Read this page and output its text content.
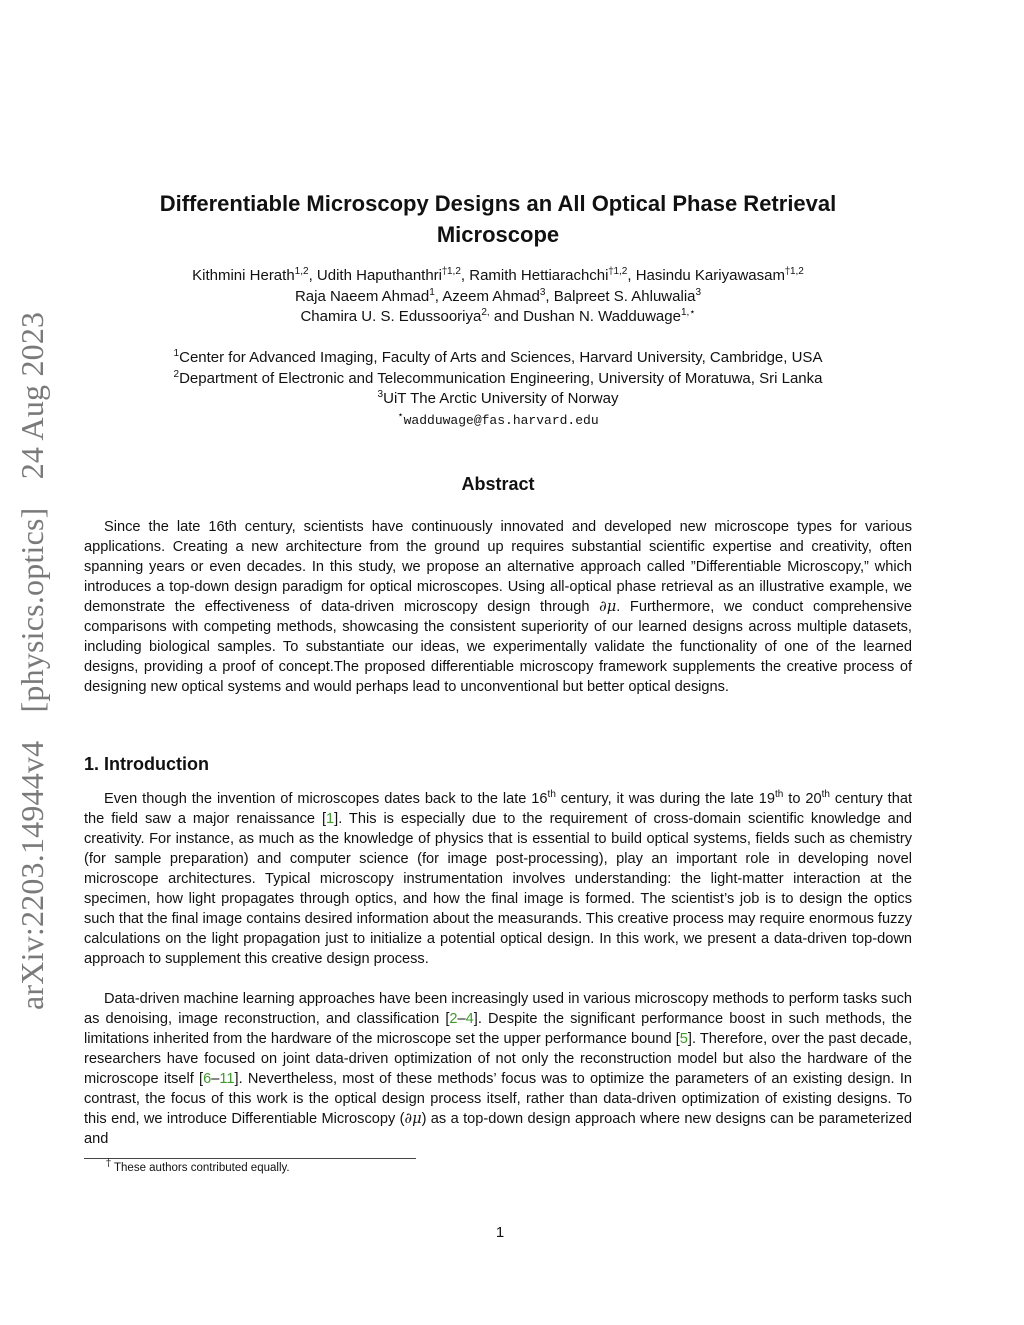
arXiv:2203.14944v4 [physics.optics] 24 Aug 2023
Differentiable Microscopy Designs an All Optical Phase Retrieval
Microscope
Kithmini Herath$^{1,2}$, Udith Haputhanthri$^{\dagger 1,2}$, Ramith Hettiarachchi$^{\dagger 1,2}$, Hasindu Kariyawasam$^{\dagger 1,2}$
Raja Naeem Ahmad$^1$, Azeem Ahmad$^3$, Balpreet S. Ahluwalia$^3$
Chamira U. S. Edussooriya$^{2,}$ and Dushan N. Wadduwage$^{1,⋆}$
$^1$Center for Advanced Imaging, Faculty of Arts and Sciences, Harvard University, Cambridge, USA
$^2$Department of Electronic and Telecommunication Engineering, University of Moratuwa, Sri Lanka
$^3$UiT The Arctic University of Norway
⋆wadduwage@fas.harvard.edu
Abstract
Since the late 16th century, scientists have continuously innovated and developed new microscope types for various applications. Creating a new architecture from the ground up requires substantial scientific expertise and creativity, often spanning years or even decades. In this study, we propose an alternative approach called ”Differentiable Microscopy,” which introduces a top-down design paradigm for optical microscopes. Using all-optical phase retrieval as an illustrative example, we demonstrate the effectiveness of data-driven microscopy design through ∂μ. Furthermore, we conduct comprehensive comparisons with competing methods, showcasing the consistent superiority of our learned designs across multiple datasets, including biological samples. To substantiate our ideas, we experimentally validate the functionality of one of the learned designs, providing a proof of concept.The proposed differentiable microscopy framework supplements the creative process of designing new optical systems and would perhaps lead to unconventional but better optical designs.
1. Introduction
Even though the invention of microscopes dates back to the late 16th century, it was during the late 19th to 20th century that the field saw a major renaissance [1]. This is especially due to the requirement of cross-domain scientific knowledge and creativity. For instance, as much as the knowledge of physics that is essential to build optical systems, fields such as chemistry (for sample preparation) and computer science (for image post-processing), play an important role in developing novel microscope architectures. Typical microscopy instrumentation involves understanding: the light-matter interaction at the specimen, how light propagates through optics, and how the final image is formed. The scientist’s job is to design the optics such that the final image contains desired information about the measurands. This creative process may require enormous fuzzy calculations on the light propagation just to initialize a potential optical design. In this work, we present a data-driven top-down approach to supplement this creative design process.
Data-driven machine learning approaches have been increasingly used in various microscopy methods to perform tasks such as denoising, image reconstruction, and classification [2–4]. Despite the significant performance boost in such methods, the limitations inherited from the hardware of the microscope set the upper performance bound [5]. Therefore, over the past decade, researchers have focused on joint data-driven optimization of not only the reconstruction model but also the hardware of the microscope itself [6–11]. Nevertheless, most of these methods’ focus was to optimize the parameters of an existing design. In contrast, the focus of this work is the optical design process itself, rather than data-driven optimization of existing designs. To this end, we introduce Differentiable Microscopy (∂μ) as a top-down design approach where new designs can be parameterized and
† These authors contributed equally.
1
